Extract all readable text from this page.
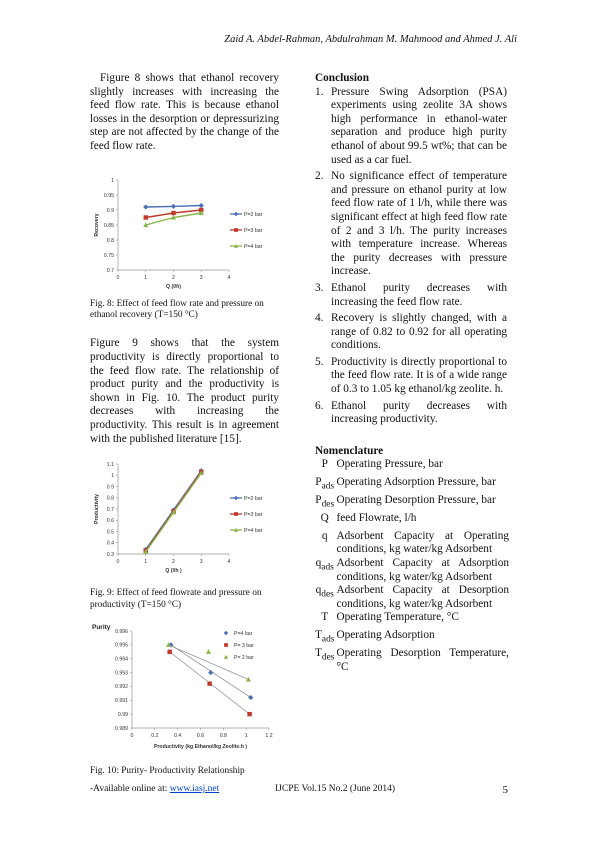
Zaid A. Abdel-Rahman, Abdulrahman M. Mahmood and Ahmed J. Ali

Figure 8 shows that ethanol recovery slightly increases with increasing the feed flow rate. This is because ethanol losses in the desorption or depressurizing step are not affected by the change of the feed flow rate.

0.7
0.75
0.8
0.85
0.9
0.95
1
0	1	2	3	4
Q (l/h)
Recovery	P=2 bar
P=3 bar
P=4 bar

Fig. 8: Effect of feed flow rate and pressure on ethanol recovery (T=150 °C)

Figure 9 shows that the system productivity is directly proportional to the feed flow rate. The relationship of product purity and the productivity is shown in Fig. 10. The product purity decreases with increasing the productivity. This result is in agreement with the published literature [15].

0.3
0.4
0.5
0.6
0.7
0.8
0.9
1
1.1
0	1	2	3	4
Q (l/h )
Productivity	P=2 bar
P=3 bar
P=4 bar

Fig. 9: Effect of feed flowrate and pressure on productivity (T=150 °C)

0.989
0.99
0.991
0.992
0.993
0.994
0.995
0.996
0	0.2	0.4	0.6	0.8	1	1.2
Productivity (kg Ethanol/kg Zeolite.h )
Purity
P=4 bar
P= 3 bar
P= 2 bar

Fig. 10: Purity- Productivity Relationship

Conclusion
1. Pressure Swing Adsorption (PSA) experiments using zeolite 3A shows high performance in ethanol-water separation and produce high purity ethanol of about 99.5 wt%; that can be used as a car fuel.
2. No significance effect of temperature and pressure on ethanol purity at low feed flow rate of 1 l/h, while there was significant effect at high feed flow rate of 2 and 3 l/h. The purity increases with temperature increase. Whereas the purity decreases with pressure increase.
3. Ethanol purity decreases with increasing the feed flow rate.
4. Recovery is slightly changed, with a range of 0.82 to 0.92 for all operating conditions.
5. Productivity is directly proportional to the feed flow rate. It is of a wide range of 0.3 to 1.05 kg ethanol/kg zeolite. h.
6. Ethanol purity decreases with increasing productivity.
Nomenclature
P	Operating Pressure, bar
$P_{ads}$	Operating Adsorption Pressure, bar
$P_{des}$	Operating Desorption Pressure, bar
Q	feed Flowrate, l/h
q	Adsorbent Capacity at Operating conditions, kg water/kg Adsorbent
$q_{ads}$	Adsorbent Capacity at Adsorption conditions, kg water/kg Adsorbent
$q_{des}$	Adsorbent Capacity at Desorption conditions, kg water/kg Adsorbent
T	Operating Temperature, °C
$T_{ads}$	Operating Adsorption
$T_{des}$	Operating Desorption Temperature, °C
-Available online at: www.iasj.net	IJCPE Vol.15 No.2 (June 2014)	5
